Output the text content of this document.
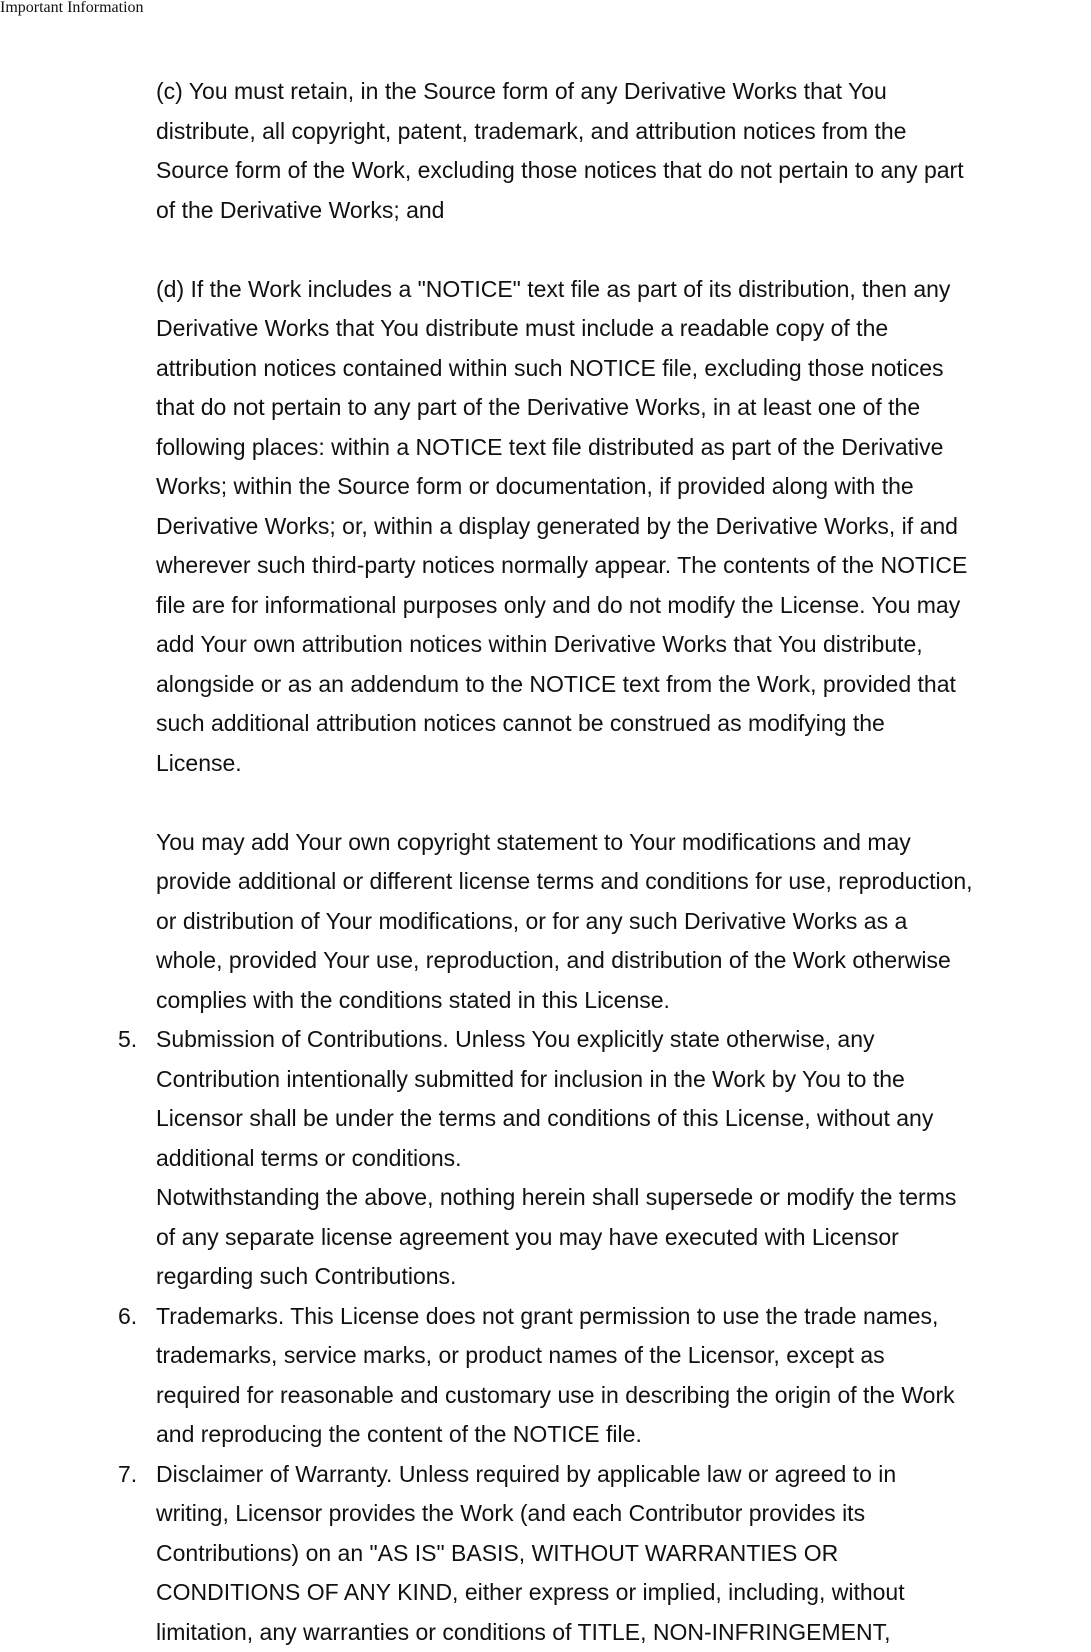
Important Information
(c) You must retain, in the Source form of any Derivative Works that You
distribute, all copyright, patent, trademark, and attribution notices from the
Source form of the Work, excluding those notices that do not pertain to any part
of the Derivative Works; and
(d) If the Work includes a "NOTICE" text file as part of its distribution, then any
Derivative Works that You distribute must include a readable copy of the
attribution notices contained within such NOTICE file, excluding those notices
that do not pertain to any part of the Derivative Works, in at least one of the
following places: within a NOTICE text file distributed as part of the Derivative
Works; within the Source form or documentation, if provided along with the
Derivative Works; or, within a display generated by the Derivative Works, if and
wherever such third-party notices normally appear. The contents of the NOTICE
file are for informational purposes only and do not modify the License. You may
add Your own attribution notices within Derivative Works that You distribute,
alongside or as an addendum to the NOTICE text from the Work, provided that
such additional attribution notices cannot be construed as modifying the
License.
You may add Your own copyright statement to Your modifications and may
provide additional or different license terms and conditions for use, reproduction,
or distribution of Your modifications, or for any such Derivative Works as a
whole, provided Your use, reproduction, and distribution of the Work otherwise
complies with the conditions stated in this License.
5. Submission of Contributions. Unless You explicitly state otherwise, any
Contribution intentionally submitted for inclusion in the Work by You to the
Licensor shall be under the terms and conditions of this License, without any
additional terms or conditions.
Notwithstanding the above, nothing herein shall supersede or modify the terms
of any separate license agreement you may have executed with Licensor
regarding such Contributions.
6. Trademarks. This License does not grant permission to use the trade names,
trademarks, service marks, or product names of the Licensor, except as
required for reasonable and customary use in describing the origin of the Work
and reproducing the content of the NOTICE file.
7. Disclaimer of Warranty. Unless required by applicable law or agreed to in
writing, Licensor provides the Work (and each Contributor provides its
Contributions) on an "AS IS" BASIS, WITHOUT WARRANTIES OR
CONDITIONS OF ANY KIND, either express or implied, including, without
limitation, any warranties or conditions of TITLE, NON-INFRINGEMENT,
